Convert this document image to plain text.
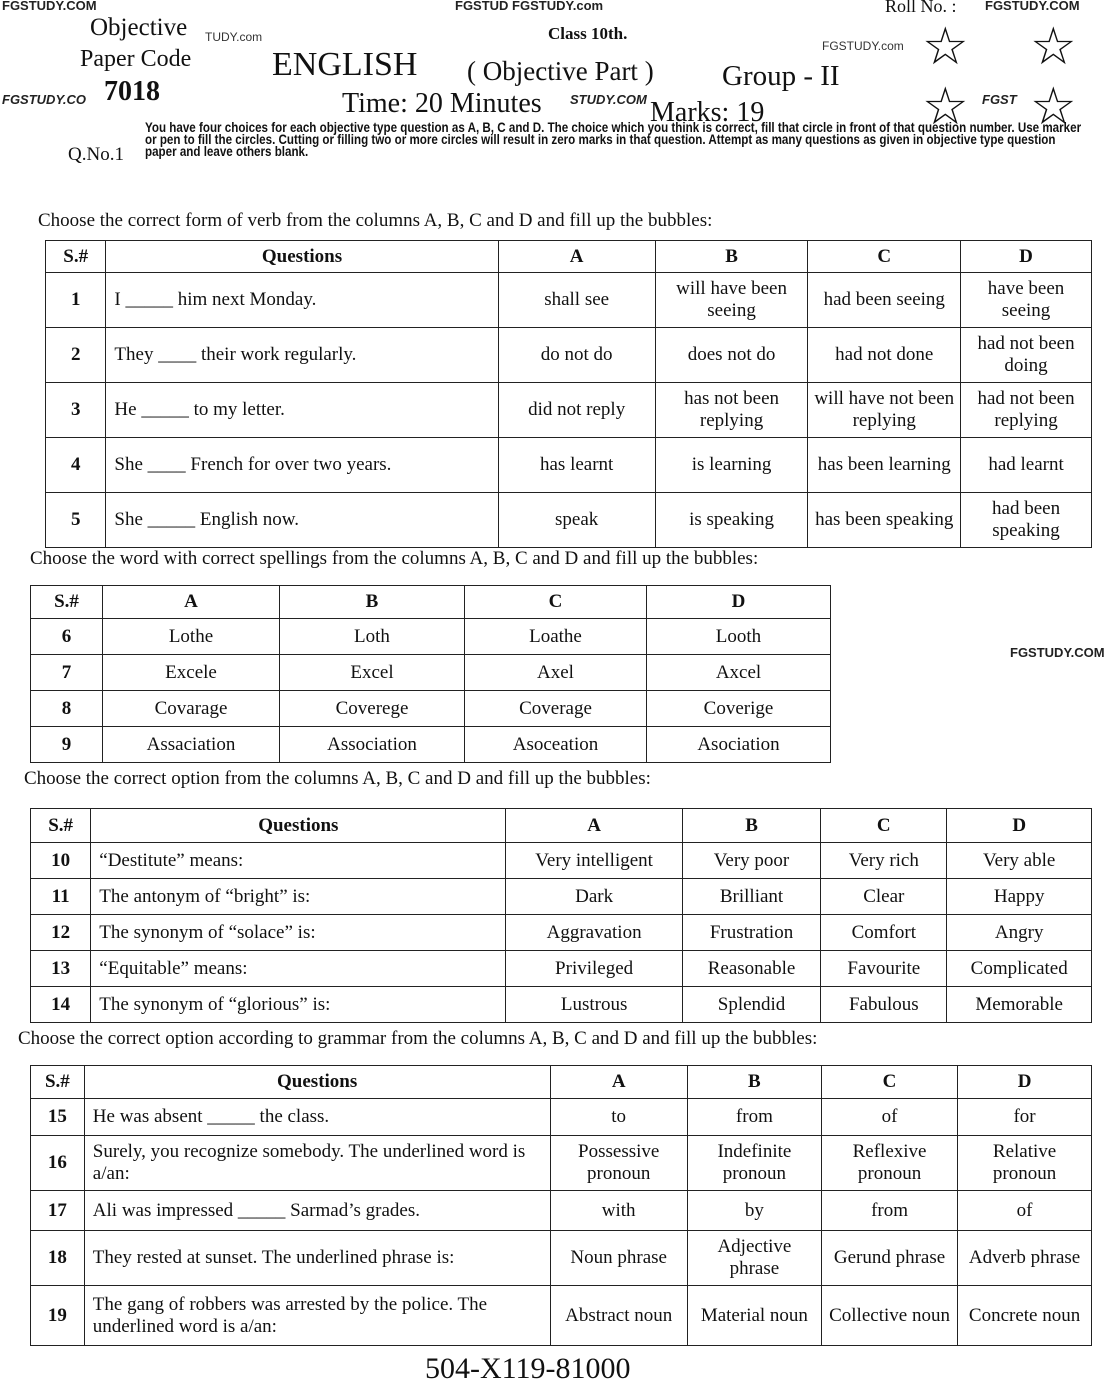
FGSTUDY.COM	FGSTUD FGSTUDY.com	FGSTUDY.COM
FGSTUDY.com
FGSTUDY.CO	STUDY.COM	FGST
FGSTUDY.COM
TUDY.com
Objective
Paper Code
7018
Class 10th.
ENGLISH ( Objective Part ) Group - II
Time: 20 Minutes	Marks: 19
Roll No. :
☆ ☆
☆ ☆
Q.No.1
You have four choices for each objective type question as A, B, C and D. The choice which you think is correct, fill that circle in front of that question number. Use marker or pen to fill the circles. Cutting or filling two or more circles will result in zero marks in that question. Attempt as many questions as given in objective type question paper and leave others blank.
Choose the correct form of verb from the columns A, B, C and D and fill up the bubbles:
S.#	Questions	A	B	C	D
1	I _____ him next Monday.	shall see	will have been seeing	had been seeing	have been seeing
2	They ____ their work regularly.	do not do	does not do	had not done	had not been doing
3	He _____ to my letter.	did not reply	has not been replying	will have not been replying	had not been replying
4	She ____ French for over two years.	has learnt	is learning	has been learning	had learnt
5	She _____ English now.	speak	is speaking	has been speaking	had been speaking
Choose the word with correct spellings from the columns A, B, C and D and fill up the bubbles:
S.#	A	B	C	D
6	Lothe	Loth	Loathe	Looth
7	Excele	Excel	Axel	Axcel
8	Covarage	Coverege	Coverage	Coverige
9	Assaciation	Association	Asoceation	Asociation
Choose the correct option from the columns A, B, C and D and fill up the bubbles:
S.#	Questions	A	B	C	D
10	“Destitute” means:	Very intelligent	Very poor	Very rich	Very able
11	The antonym of “bright” is:	Dark	Brilliant	Clear	Happy
12	The synonym of “solace” is:	Aggravation	Frustration	Comfort	Angry
13	“Equitable” means:	Privileged	Reasonable	Favourite	Complicated
14	The synonym of “glorious” is:	Lustrous	Splendid	Fabulous	Memorable
Choose the correct option according to grammar from the columns A, B, C and D and fill up the bubbles:
S.#	Questions	A	B	C	D
15	He was absent _____ the class.	to	from	of	for
16	Surely, you recognize somebody. The underlined word is a/an:	Possessive pronoun	Indefinite pronoun	Reflexive pronoun	Relative pronoun
17	Ali was impressed _____ Sarmad’s grades.	with	by	from	of
18	They rested at sunset. The underlined phrase is:	Noun phrase	Adjective phrase	Gerund phrase	Adverb phrase
19	The gang of robbers was arrested by the police. The underlined word is a/an:	Abstract noun	Material noun	Collective noun	Concrete noun
504-X119-81000
